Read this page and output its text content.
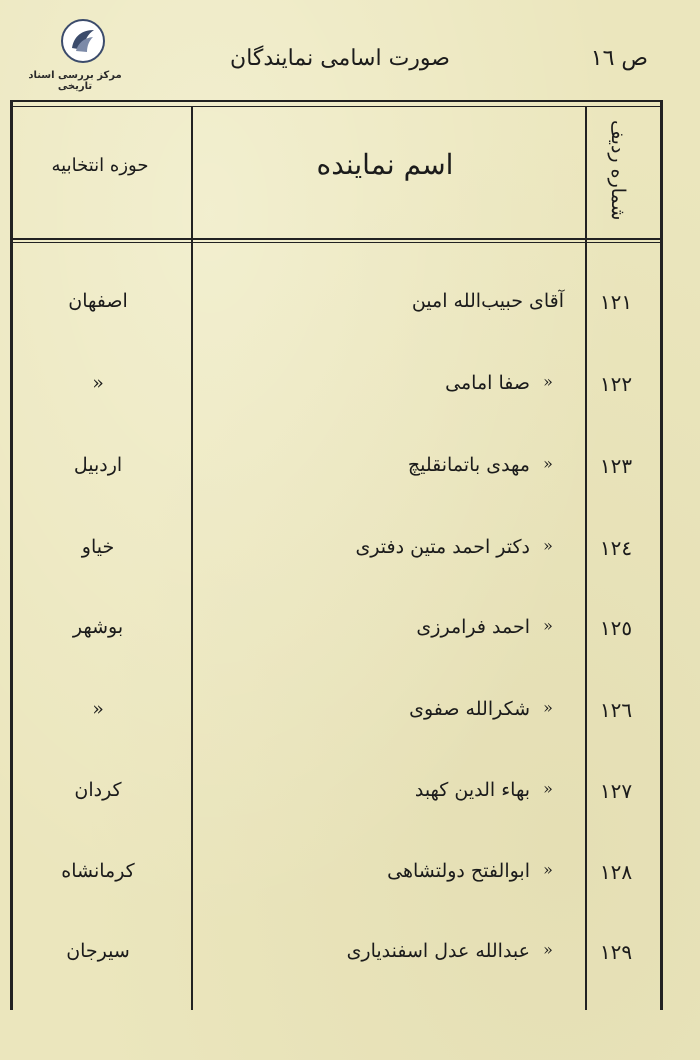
مرکز بررسی اسناد تاریخی
صورت اسامی نمایندگان	ص ١٦
اسم نماینده
حوزه انتخابیه	شماره ردیف
١٢١
آقای حبیب‌الله امین
اصفهان
١٢٢
«
صفا امامی
«
١٢٣
«
مهدی باتمانقلیچ
اردبیل
١٢٤
«
دکتر احمد متین دفتری
خیاو
١٢٥
«
احمد فرامرزی
بوشهر
١٢٦
«
شکرالله صفوی
«
١٢٧
«
بهاء الدین کهبد
کردان
١٢٨
«
ابوالفتح دولتشاهی
کرمانشاه
١٢٩
«
عبدالله عدل اسفندیاری
سیرجان
